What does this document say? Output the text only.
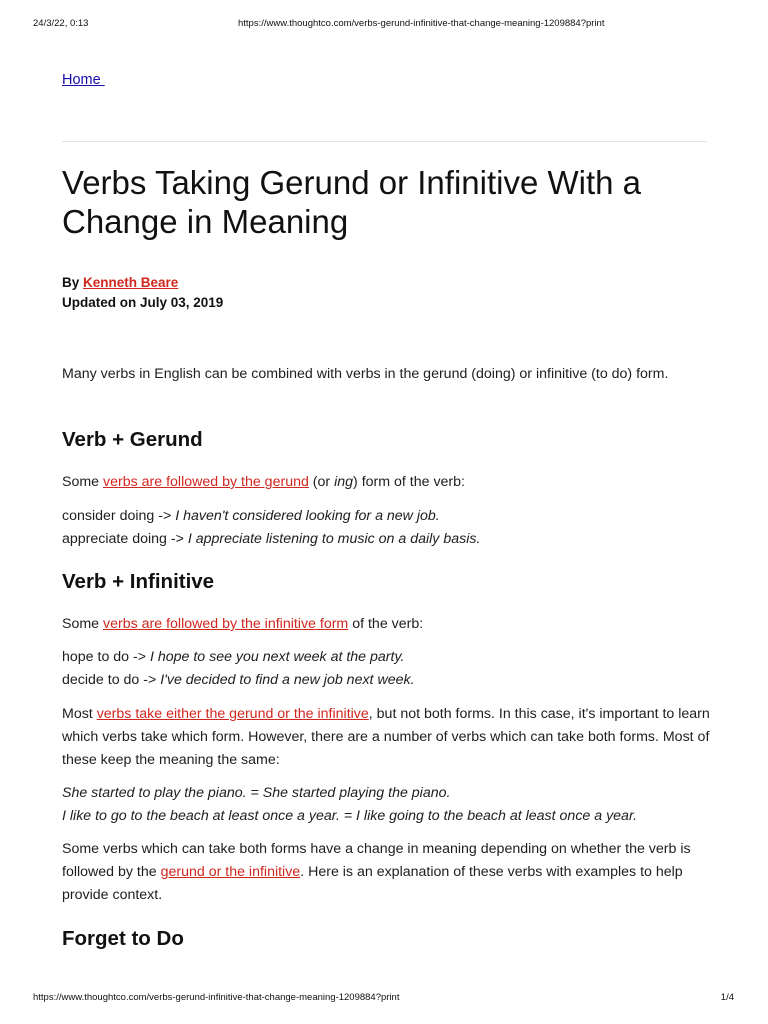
24/3/22, 0:13	https://www.thoughtco.com/verbs-gerund-infinitive-that-change-meaning-1209884?print
Home
Verbs Taking Gerund or Infinitive With a Change in Meaning
By Kenneth Beare
Updated on July 03, 2019

Many verbs in English can be combined with verbs in the gerund (doing) or infinitive (to do) form.

Verb + Gerund

Some verbs are followed by the gerund (or ing) form of the verb:

consider doing -> I haven't considered looking for a new job.
appreciate doing -> I appreciate listening to music on a daily basis.

Verb + Infinitive

Some verbs are followed by the infinitive form of the verb:

hope to do -> I hope to see you next week at the party.
decide to do -> I've decided to find a new job next week.

Most verbs take either the gerund or the infinitive, but not both forms. In this case, it's important to learn which verbs take which form. However, there are a number of verbs which can take both forms. Most of these keep the meaning the same:

She started to play the piano. = She started playing the piano.
I like to go to the beach at least once a year. = I like going to the beach at least once a year.

Some verbs which can take both forms have a change in meaning depending on whether the verb is followed by the gerund or the infinitive. Here is an explanation of these verbs with examples to help provide context.

Forget to Do
https://www.thoughtco.com/verbs-gerund-infinitive-that-change-meaning-1209884?print	1/4
